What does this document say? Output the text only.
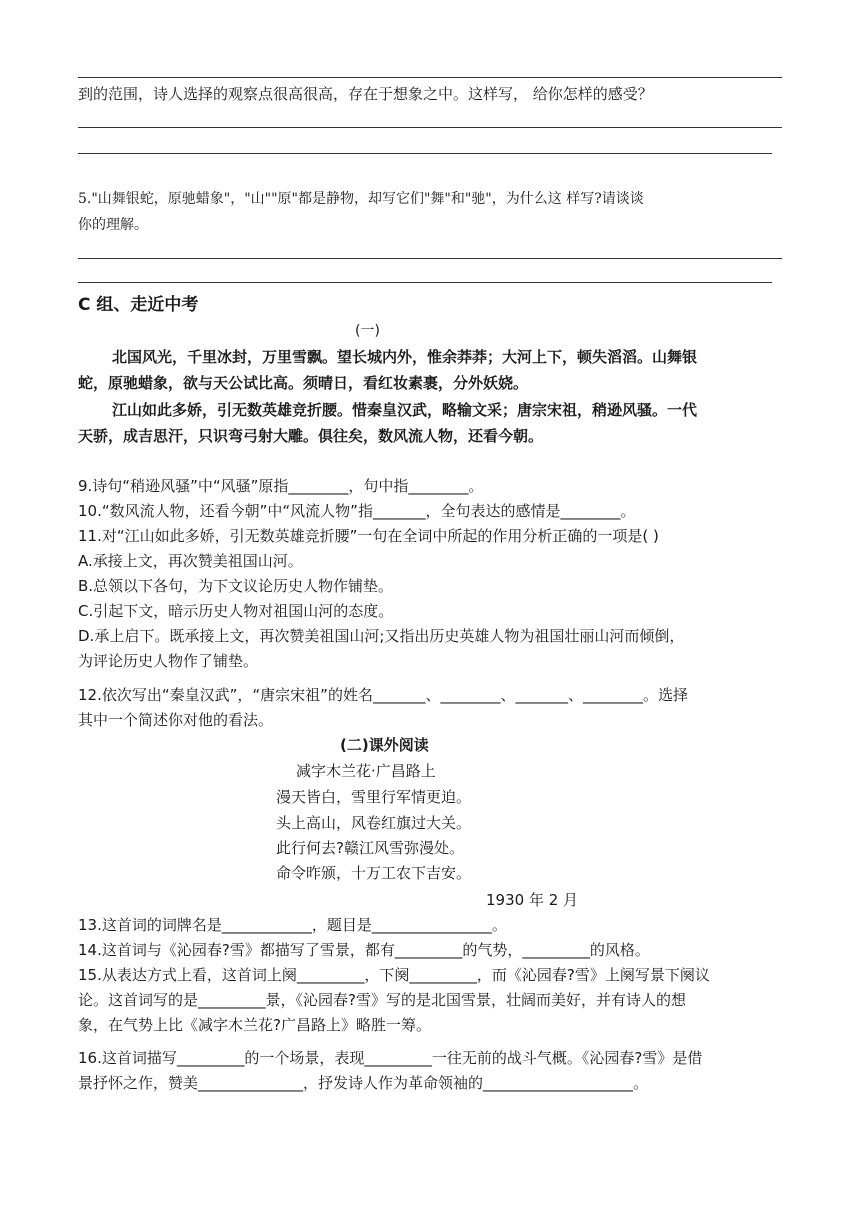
到的范围，诗人选择的观察点很高很高，存在于想象之中。这样写， 给你怎样的感受？
5."山舞银蛇，原驰蜡象"，"山""原"都是静物，却写它们"舞"和"驰"，为什么这 样写?请谈谈
你的理解。
C 组、走近中考
(一)
北国风光，千里冰封，万里雪飘。望长城内外，惟余莽莽；大河上下，顿失滔滔。山舞银
蛇，原驰蜡象，欲与天公试比高。须晴日，看红妆素裹，分外妖娆。
江山如此多娇，引无数英雄竞折腰。惜秦皇汉武，略输文采；唐宗宋祖，稍逊风骚。一代
天骄，成吉思汗，只识弯弓射大雕。俱往矣，数风流人物，还看今朝。
9.诗句“稍逊风骚”中“风骚”原指________，句中指________。
10.“数风流人物，还看今朝”中“风流人物”指_______，全句表达的感情是________。
11.对“江山如此多娇，引无数英雄竞折腰”一句在全词中所起的作用分析正确的一项是( )
A.承接上文，再次赞美祖国山河。
B.总领以下各句，为下文议论历史人物作铺垫。
C.引起下文，暗示历史人物对祖国山河的态度。
D.承上启下。既承接上文，再次赞美祖国山河;又指出历史英雄人物为祖国壮丽山河而倾倒，
为评论历史人物作了铺垫。
12.依次写出“秦皇汉武”，“唐宗宋祖”的姓名_______、________、_______、________。选择
其中一个简述你对他的看法。
(二)课外阅读
减字木兰花·广昌路上
漫天皆白，雪里行军情更迫。
头上高山，风卷红旗过大关。
此行何去?赣江风雪弥漫处。
命令昨颁，十万工农下吉安。
1930 年 2 月
13.这首词的词牌名是____________，题目是________________。
14.这首词与《沁园春?雪》都描写了雪景，都有_________的气势，_________的风格。
15.从表达方式上看，这首词上阕_________，下阕_________，而《沁园春?雪》上阕写景下阕议
论。这首词写的是_________景，《沁园春?雪》写的是北国雪景，壮阔而美好，并有诗人的想
象，在气势上比《减字木兰花?广昌路上》略胜一筹。
16.这首词描写_________的一个场景，表现_________一往无前的战斗气概。《沁园春?雪》是借
景抒怀之作，赞美______________，抒发诗人作为革命领袖的____________________。
